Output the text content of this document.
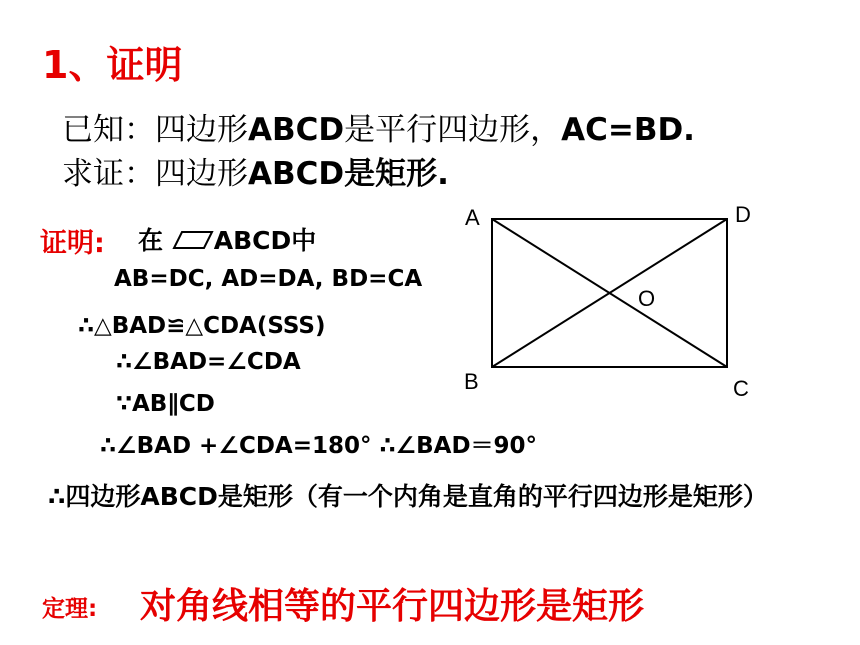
1、证明
已知：四边形ABCD是平行四边形，AC=BD.
求证：四边形ABCD是矩形.
证明: 在 ABCD中
AB=DC, AD=DA, BD=CA
∴△BAD≌△CDA(SSS)
∴∠BAD=∠CDA
∵AB∥CD
∴∠BAD +∠CDA=180° ∴∠BAD＝90°
∴四边形ABCD是矩形（有一个内角是直角的平行四边形是矩形）
A	D
B	C
O
定理: 对角线相等的平行四边形是矩形
